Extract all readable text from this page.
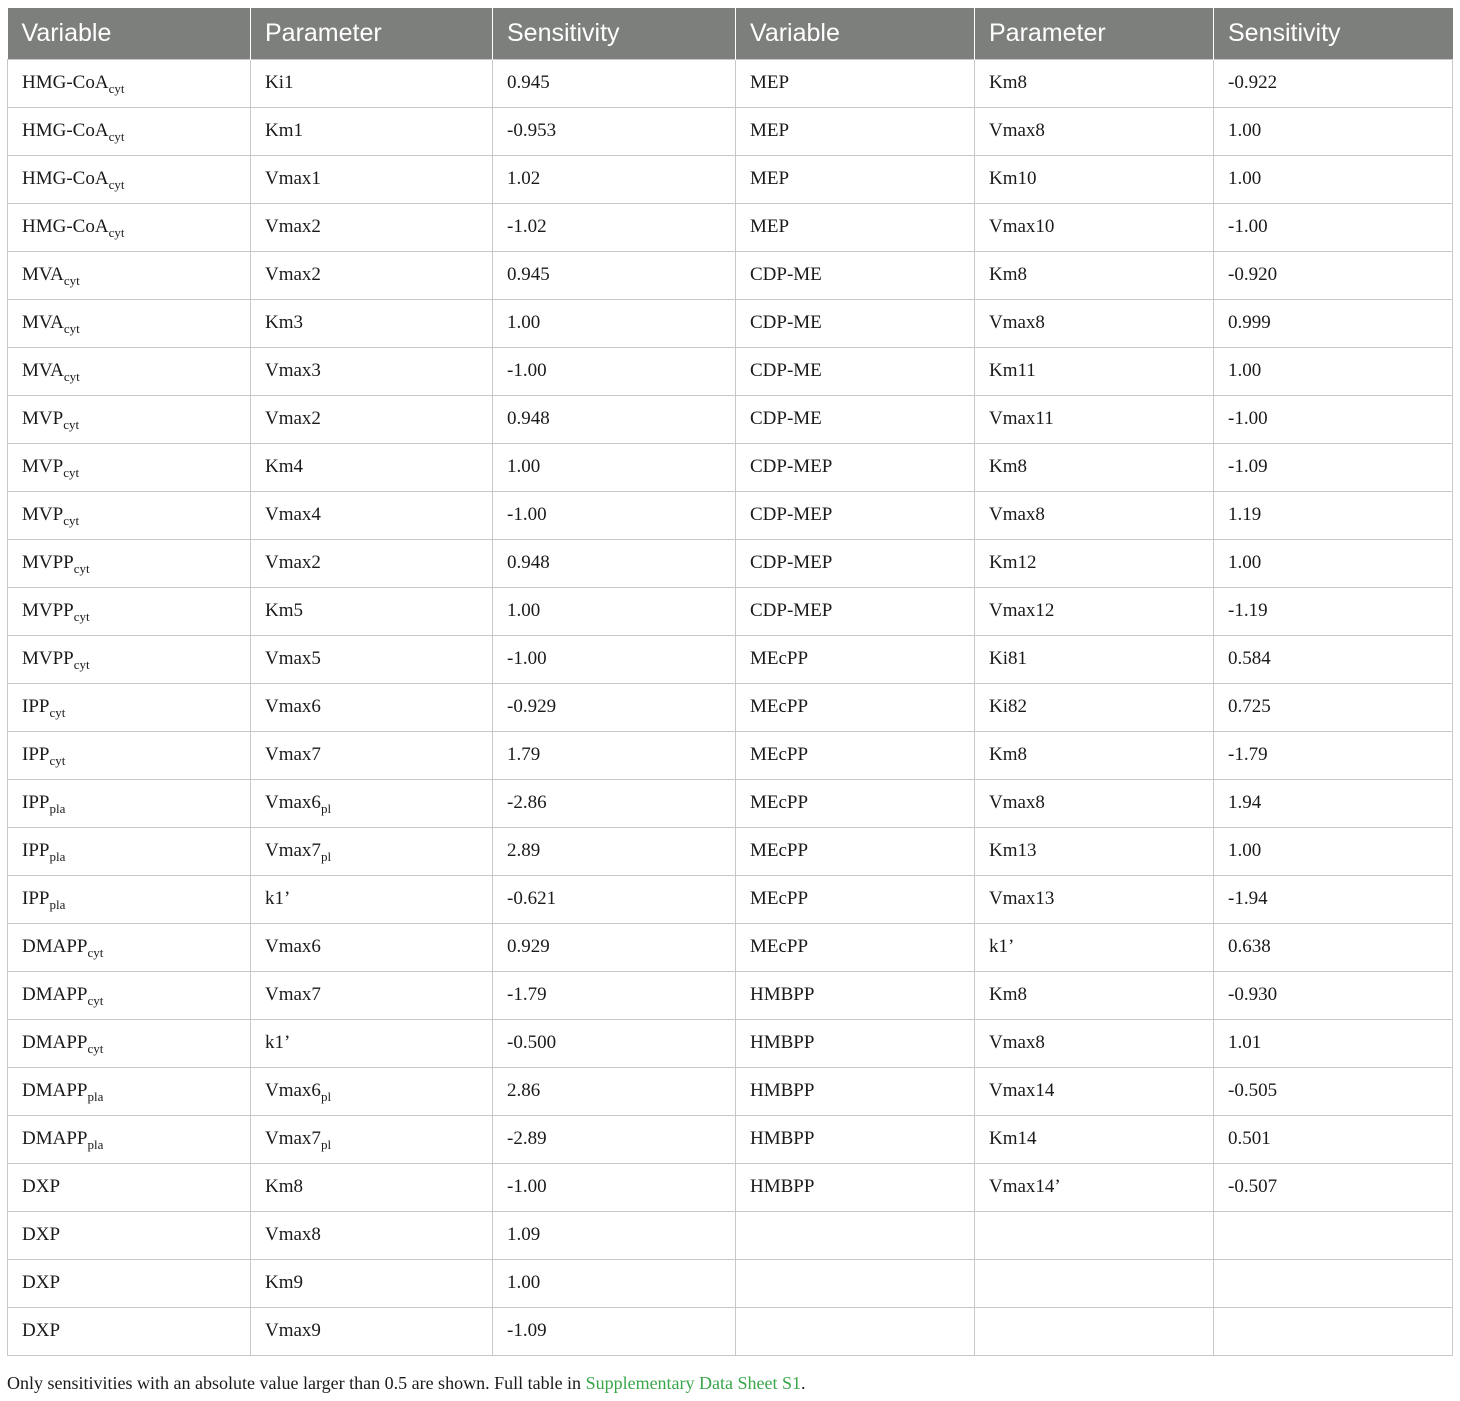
Variable	Parameter	Sensitivity	Variable	Parameter	Sensitivity
HMG-CoA$_{cyt}$	Ki1	0.945	MEP	Km8	-0.922
HMG-CoA$_{cyt}$	Km1	-0.953	MEP	Vmax8	1.00
HMG-CoA$_{cyt}$	Vmax1	1.02	MEP	Km10	1.00
HMG-CoA$_{cyt}$	Vmax2	-1.02	MEP	Vmax10	-1.00
$MVA_{cyt}$	Vmax2	0.945	CDP-ME	Km8	-0.920
$MVA_{cyt}$	Km3	1.00	CDP-ME	Vmax8	0.999
$MVA_{cyt}$	Vmax3	-1.00	CDP-ME	Km11	1.00
$MVP_{cyt}$	Vmax2	0.948	CDP-ME	Vmax11	-1.00
$MVP_{cyt}$	Km4	1.00	CDP-MEP	Km8	-1.09
$MVP_{cyt}$	Vmax4	-1.00	CDP-MEP	Vmax8	1.19
$MVPP_{cyt}$	Vmax2	0.948	CDP-MEP	Km12	1.00
$MVPP_{cyt}$	Km5	1.00	CDP-MEP	Vmax12	-1.19
$MVPP_{cyt}$	Vmax5	-1.00	MEcPP	Ki81	0.584
$IPP_{cyt}$	Vmax6	-0.929	MEcPP	Ki82	0.725
$IPP_{cyt}$	Vmax7	1.79	MEcPP	Km8	-1.79
$IPP_{pla}$	$Vmax6_{pl}$	-2.86	MEcPP	Vmax8	1.94
$IPP_{pla}$	$Vmax7_{pl}$	2.89	MEcPP	Km13	1.00
$IPP_{pla}$	k1’	-0.621	MEcPP	Vmax13	-1.94
$DMAPP_{cyt}$	Vmax6	0.929	MEcPP	k1’	0.638
$DMAPP_{cyt}$	Vmax7	-1.79	HMBPP	Km8	-0.930
$DMAPP_{cyt}$	k1’	-0.500	HMBPP	Vmax8	1.01
$DMAPP_{pla}$	$Vmax6_{pl}$	2.86	HMBPP	Vmax14	-0.505
$DMAPP_{pla}$	$Vmax7_{pl}$	-2.89	HMBPP	Km14	0.501
DXP	Km8	-1.00	HMBPP	Vmax14’	-0.507
DXP	Vmax8	1.09			
DXP	Km9	1.00			
DXP	Vmax9	-1.09			
Only sensitivities with an absolute value larger than 0.5 are shown. Full table in Supplementary Data Sheet S1.
